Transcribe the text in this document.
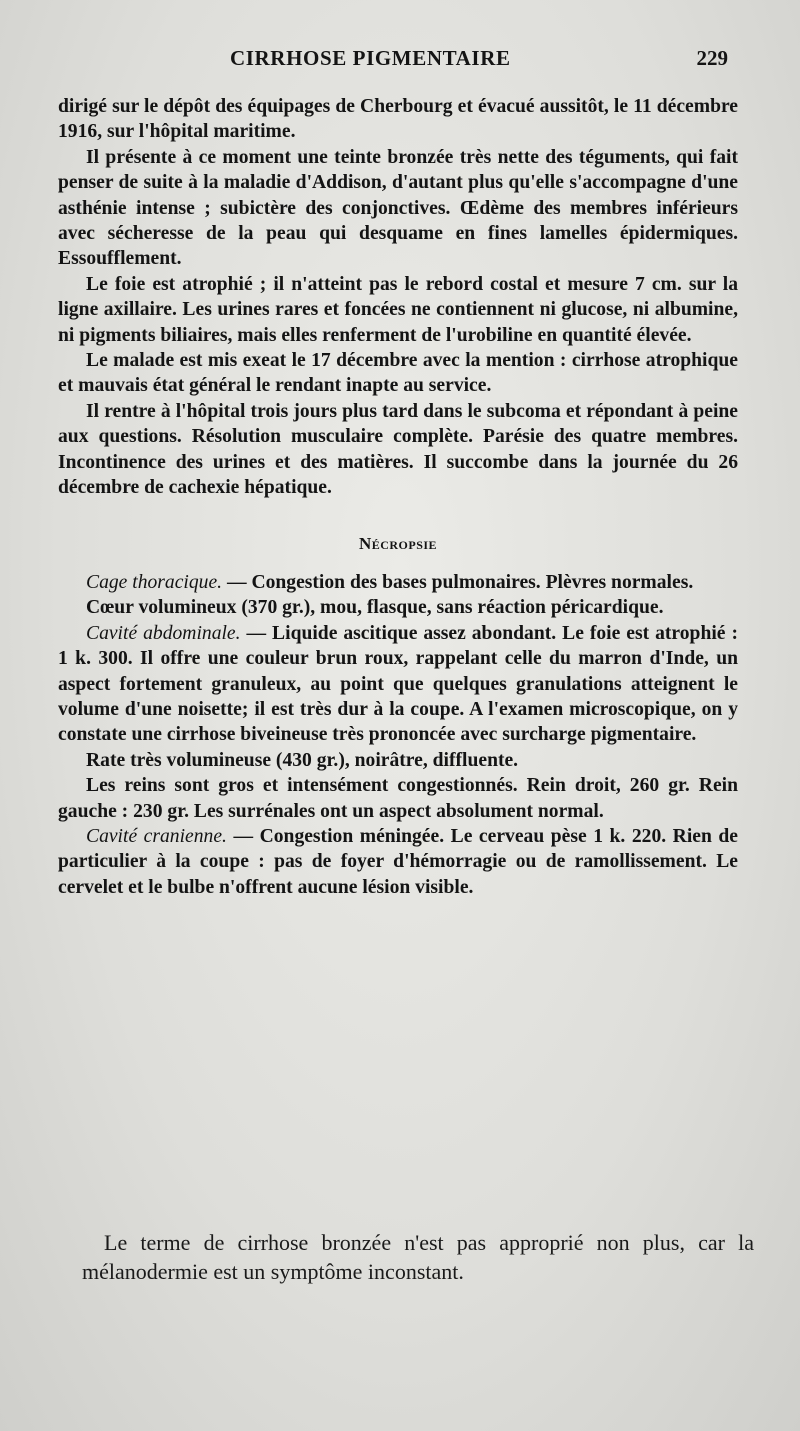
CIRRHOSE PIGMENTAIRE	229

dirigé sur le dépôt des équipages de Cherbourg et évacué aussitôt, le 11 décembre 1916, sur l'hôpital maritime.

Il présente à ce moment une teinte bronzée très nette des téguments, qui fait penser de suite à la maladie d'Addison, d'autant plus qu'elle s'accompagne d'une asthénie intense ; subictère des conjonctives. Œdème des membres inférieurs avec sécheresse de la peau qui desquame en fines lamelles épidermiques. Essoufflement.

Le foie est atrophié ; il n'atteint pas le rebord costal et mesure 7 cm. sur la ligne axillaire. Les urines rares et foncées ne contiennent ni glucose, ni albumine, ni pigments biliaires, mais elles renferment de l'urobiline en quantité élevée.

Le malade est mis exeat le 17 décembre avec la mention : cirrhose atrophique et mauvais état général le rendant inapte au service.

Il rentre à l'hôpital trois jours plus tard dans le subcoma et répondant à peine aux questions. Résolution musculaire complète. Parésie des quatre membres. Incontinence des urines et des matières. Il succombe dans la journée du 26 décembre de cachexie hépatique.

Nécropsie

Cage thoracique. — Congestion des bases pulmonaires. Plèvres normales.

Cœur volumineux (370 gr.), mou, flasque, sans réaction péricardique.

Cavité abdominale. — Liquide ascitique assez abondant. Le foie est atrophié : 1 k. 300. Il offre une couleur brun roux, rappelant celle du marron d'Inde, un aspect fortement granuleux, au point que quelques granulations atteignent le volume d'une noisette; il est très dur à la coupe. A l'examen microscopique, on y constate une cirrhose biveineuse très prononcée avec surcharge pigmentaire.

Rate très volumineuse (430 gr.), noirâtre, diffluente.

Les reins sont gros et intensément congestionnés. Rein droit, 260 gr. Rein gauche : 230 gr. Les surrénales ont un aspect absolument normal.

Cavité cranienne. — Congestion méningée. Le cerveau pèse 1 k. 220. Rien de particulier à la coupe : pas de foyer d'hémorragie ou de ramollissement. Le cervelet et le bulbe n'offrent aucune lésion visible.

Le terme de cirrhose bronzée n'est pas approprié non plus, car la mélanodermie est un symptôme inconstant.
